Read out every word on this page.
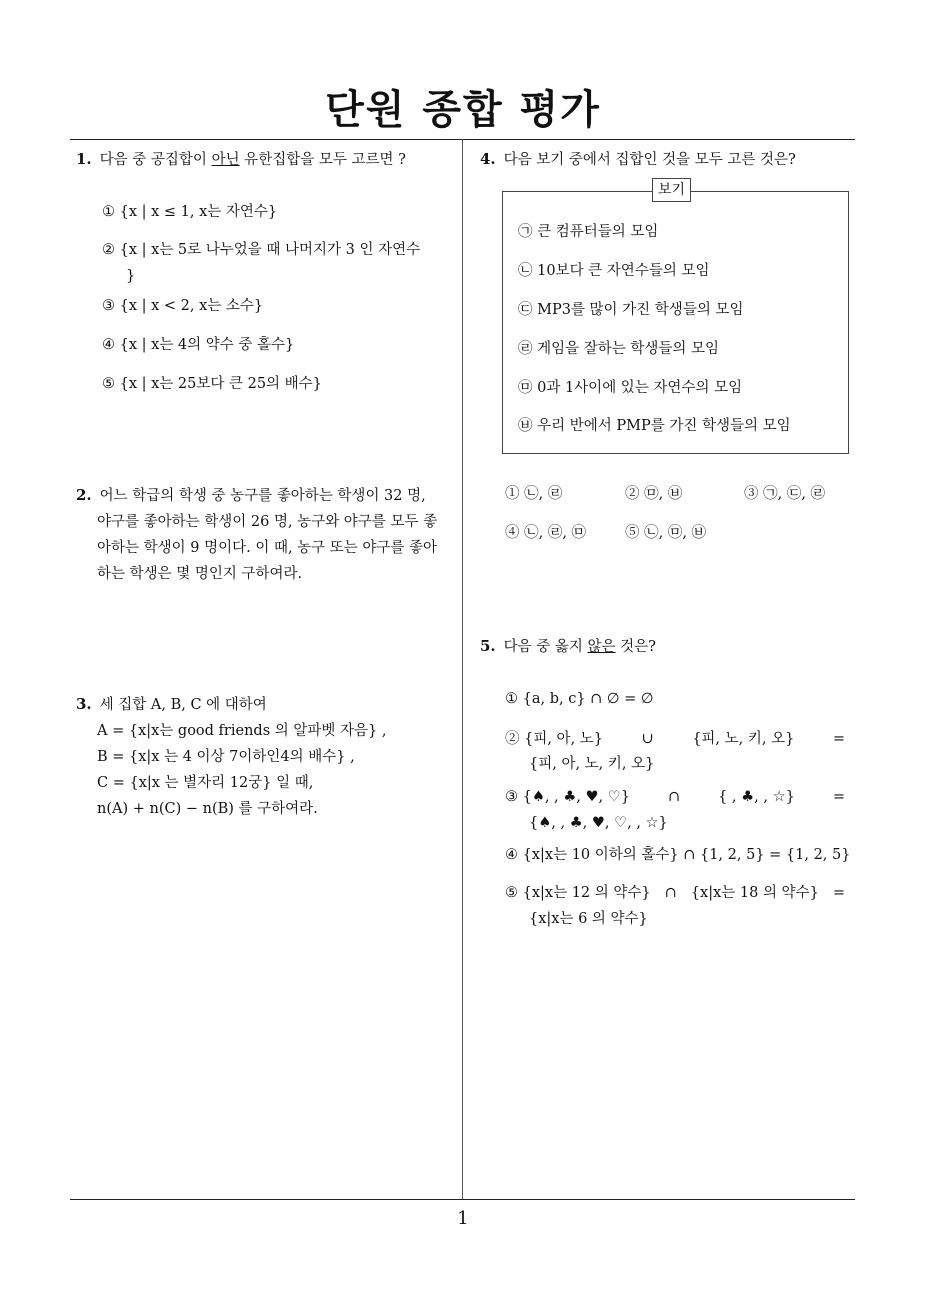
단원 종합 평가
1
1. 다음 중 공집합이 아닌 유한집합을 모두 고르면 ?
① {x | x ≤ 1, x는 자연수}
② {x | x는 5로 나누었을 때 나머지가 3 인 자연수
}
③ {x | x < 2, x는 소수}
④ {x | x는 4의 약수 중 홀수}
⑤ {x | x는 25보다 큰 25의 배수}
2. 어느 학급의 학생 중 농구를 좋아하는 학생이 32 명,
야구를 좋아하는 학생이 26 명, 농구와 야구를 모두 좋
아하는 학생이 9 명이다. 이 때, 농구 또는 야구를 좋아
하는 학생은 몇 명인지 구하여라.
3. 세 집합 A, B, C 에 대하여
A = {x|x는 good friends 의 알파벳 자음} ,
B = {x|x 는 4 이상 7이하인4의 배수} ,
C = {x|x 는 별자리 12궁} 일 때,
n(A) + n(C) − n(B) 를 구하여라.
4. 다음 보기 중에서 집합인 것을 모두 고른 것은?
보기
㉠ 큰 컴퓨터들의 모임
㉡ 10보다 큰 자연수들의 모임
㉢ MP3를 많이 가진 학생들의 모임
㉣ 게임을 잘하는 학생들의 모임
㉤ 0과 1사이에 있는 자연수의 모임
㉥ 우리 반에서 PMP를 가진 학생들의 모임
① ㉡, ㉣	② ㉤, ㉥	③ ㉠, ㉢, ㉣
④ ㉡, ㉣, ㉤	⑤ ㉡, ㉤, ㉥
5. 다음 중 옳지 않은 것은?
① {a, b, c} ∩ ∅ = ∅
② {피, 아, 노}	∪	{피, 노, 키, 오}	=
{피, 아, 노, 키, 오}
③ {♠, , ♣, ♥, ♡}	∩	{ , ♣, , ☆}	=
{♠, , ♣, ♥, ♡, , ☆}
④ {x|x는 10 이하의 홀수} ∩ {1, 2, 5} = {1, 2, 5}
⑤ {x|x는 12 의 약수} ∩ {x|x는 18 의 약수} =
{x|x는 6 의 약수}
